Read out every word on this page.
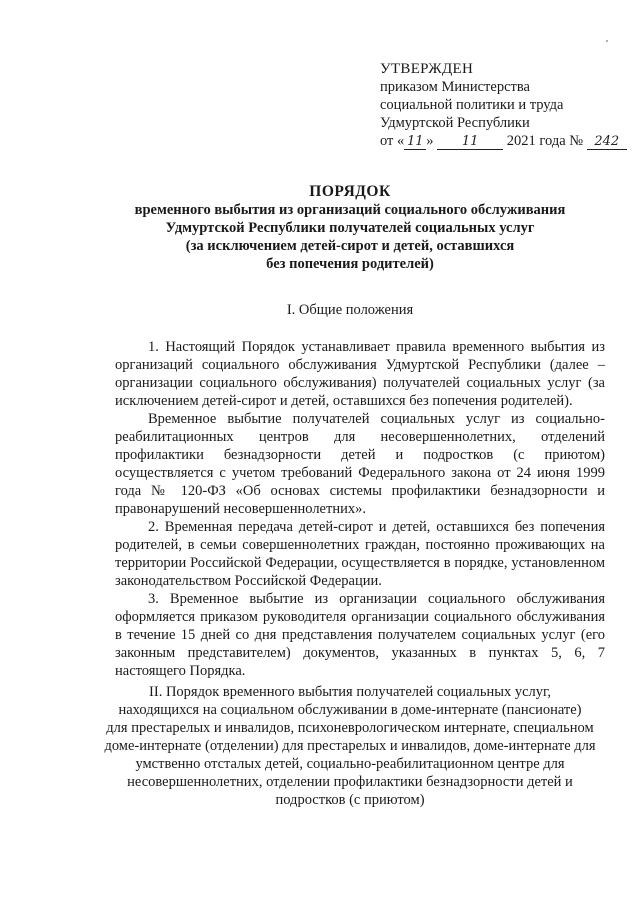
УТВЕРЖДЕН
приказом Министерства
социальной политики и труда
Удмуртской Республики
от « 11 » 11 2021 года № 242
ПОРЯДОК
временного выбытия из организаций социального обслуживания
Удмуртской Республики получателей социальных услуг
(за исключением детей-сирот и детей, оставшихся
без попечения родителей)
I. Общие положения

1. Настоящий Порядок устанавливает правила временного выбытия из организаций социального обслуживания Удмуртской Республики (далее – организации социального обслуживания) получателей социальных услуг (за исключением детей-сирот и детей, оставшихся без попечения родителей).

Временное выбытие получателей социальных услуг из социально-реабилитационных центров для несовершеннолетних, отделений профилактики безнадзорности детей и подростков (с приютом) осуществляется с учетом требований Федерального закона от 24 июня 1999 года № 120-ФЗ «Об основах системы профилактики безнадзорности и правонарушений несовершеннолетних».

2. Временная передача детей-сирот и детей, оставшихся без попечения родителей, в семьи совершеннолетних граждан, постоянно проживающих на территории Российской Федерации, осуществляется в порядке, установленном законодательством Российской Федерации.

3. Временное выбытие из организации социального обслуживания оформляется приказом руководителя организации социального обслуживания в течение 15 дней со дня представления получателем социальных услуг (его законным представителем) документов, указанных в пунктах 5, 6, 7 настоящего Порядка.

II. Порядок временного выбытия получателей социальных услуг,
находящихся на социальном обслуживании в доме-интернате (пансионате)
для престарелых и инвалидов, психоневрологическом интернате, специальном
доме-интернате (отделении) для престарелых и инвалидов, доме-интернате для
умственно отсталых детей, социально-реабилитационном центре для
несовершеннолетних, отделении профилактики безнадзорности детей и
подростков (с приютом)
